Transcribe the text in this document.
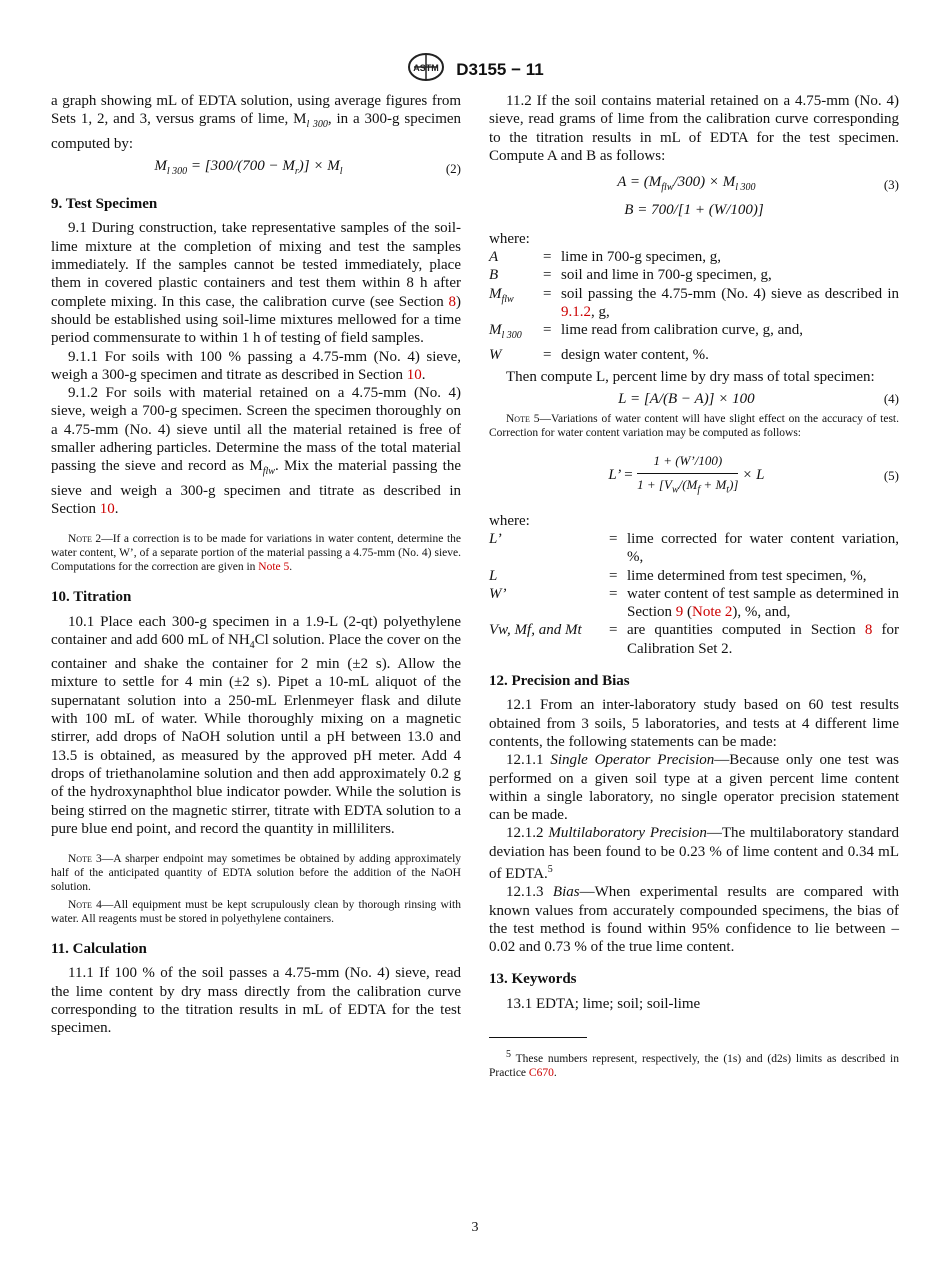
ASTM D3155 − 11

a graph showing mL of EDTA solution, using average figures from Sets 1, 2, and 3, versus grams of lime, $M_{l 300}$, in a 300-g specimen computed by:

$M_{l 300} = [300/(700 - M_r)] \times M_l$	(2)
9. Test Specimen

9.1 During construction, take representative samples of the soil-lime mixture at the completion of mixing and test the samples immediately. If the samples cannot be tested immediately, place them in covered plastic containers and test them within 8 h after complete mixing. In this case, the calibration curve (see Section 8) should be established using soil-lime mixtures mellowed for a time period commensurate to within 1 h of testing of field samples.

9.1.1 For soils with 100 % passing a 4.75-mm (No. 4) sieve, weigh a 300-g specimen and titrate as described in Section 10.

9.1.2 For soils with material retained on a 4.75-mm (No. 4) sieve, weigh a 700-g specimen. Screen the specimen thoroughly on a 4.75-mm (No. 4) sieve until all the material retained is free of smaller adhering particles. Determine the mass of the total material passing the sieve and record as $M_{flw}$. Mix the material passing the sieve and weigh a 300-g specimen and titrate as described in Section 10.

Note 2—If a correction is to be made for variations in water content, determine the water content, W’, of a separate portion of the material passing a 4.75-mm (No. 4) sieve. Computations for the correction are given in Note 5.

10. Titration

10.1 Place each 300-g specimen in a 1.9-L (2-qt) polyethylene container and add 600 mL of $NH_4Cl$ solution. Place the cover on the container and shake the container for 2 min (±2 s). Allow the mixture to settle for 4 min (±2 s). Pipet a 10-mL aliquot of the supernatant solution into a 250-mL Erlenmeyer flask and dilute with 100 mL of water. While thoroughly mixing on a magnetic stirrer, add drops of NaOH solution until a pH between 13.0 and 13.5 is obtained, as measured by the approved pH meter. Add 4 drops of triethanolamine solution and then add approximately 0.2 g of the hydroxynaphthol blue indicator powder. While the solution is being stirred on the magnetic stirrer, titrate with EDTA solution to a pure blue end point, and record the quantity in milliliters.

Note 3—A sharper endpoint may sometimes be obtained by adding approximately half of the anticipated quantity of EDTA solution before the addition of the NaOH solution.

Note 4—All equipment must be kept scrupulously clean by thorough rinsing with water. All reagents must be stored in polyethylene containers.

11. Calculation

11.1 If 100 % of the soil passes a 4.75-mm (No. 4) sieve, read the lime content by dry mass directly from the calibration curve corresponding to the titration results in mL of EDTA for the test specimen.

11.2 If the soil contains material retained on a 4.75-mm (No. 4) sieve, read grams of lime from the calibration curve corresponding to the titration results in mL of EDTA for the test specimen. Compute A and B as follows:

$A = (M_{flw}/300) \times M_{l 300}$	(3)
B = 700/[1 + (W/100)]

where:

A	= lime in 700-g specimen, g,
B	= soil and lime in 700-g specimen, g,
$M_{flw}$	= soil passing the 4.75-mm (No. 4) sieve as described in 9.1.2, g,
$M_{l 300}$	= lime read from calibration curve, g, and,
W	= design water content, %.

Then compute L, percent lime by dry mass of total specimen:

L = [A/(B − A)] × 100	(4)

Note 5—Variations of water content will have slight effect on the accuracy of test. Correction for water content variation may be computed as follows:

L’ = $\frac{1 + (W’/100)}{1 + [V_w/(M_f + M_t)]} \times L$	(5)

where:

L’	= lime corrected for water content variation, %,
L	= lime determined from test specimen, %,
W’	= water content of test sample as determined in Section 9 (Note 2), %, and,
Vw, Mf, and Mt	= are quantities computed in Section 8 for Calibration Set 2.
12. Precision and Bias

12.1 From an inter-laboratory study based on 60 test results obtained from 3 soils, 5 laboratories, and tests at 4 different lime contents, the following statements can be made:

12.1.1 Single Operator Precision—Because only one test was performed on a given soil type at a given percent lime content within a single laboratory, no single operator precision statement can be made.

12.1.2 Multilaboratory Precision—The multilaboratory standard deviation has been found to be 0.23 % of lime content and 0.34 mL of EDTA.$^5$

12.1.3 Bias—When experimental results are compared with known values from accurately compounded specimens, the bias of the test method is found within 95% confidence to lie between –0.02 and 0.73 % of the true lime content.

13. Keywords

13.1 EDTA; lime; soil; soil-lime

$^5$ These numbers represent, respectively, the (1s) and (d2s) limits as described in Practice C670.

3
